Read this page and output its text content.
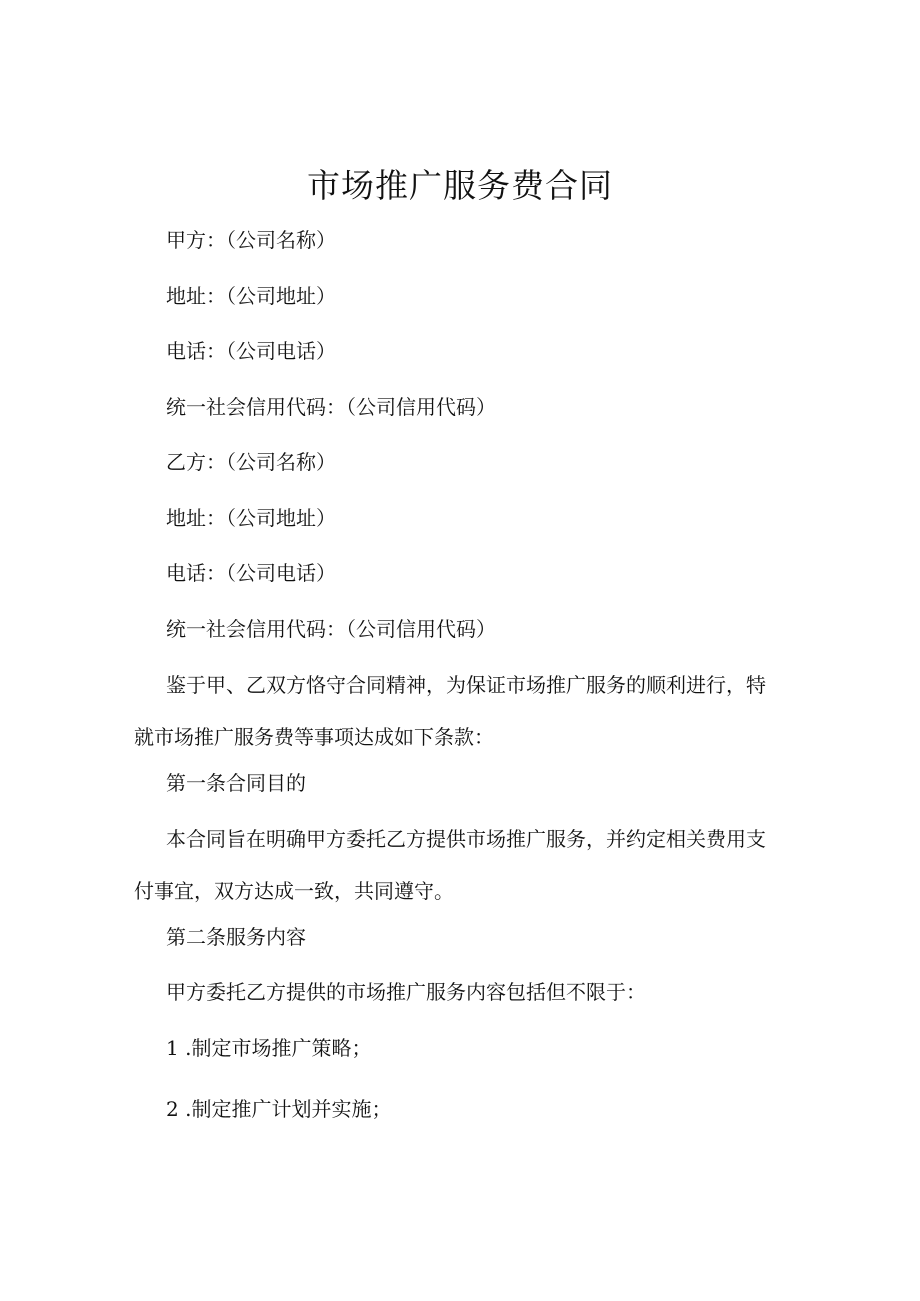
市场推广服务费合同
甲方：（公司名称）
地址：（公司地址）
电话：（公司电话）
统一社会信用代码：（公司信用代码）
乙方：（公司名称）
地址：（公司地址）
电话：（公司电话）
统一社会信用代码：（公司信用代码）
鉴于甲、乙双方恪守合同精神，为保证市场推广服务的顺利进行，特就市场推广服务费等事项达成如下条款：
第一条合同目的
本合同旨在明确甲方委托乙方提供市场推广服务，并约定相关费用支付事宜，双方达成一致，共同遵守。
第二条服务内容
甲方委托乙方提供的市场推广服务内容包括但不限于：
1 .制定市场推广策略；
2 .制定推广计划并实施；
